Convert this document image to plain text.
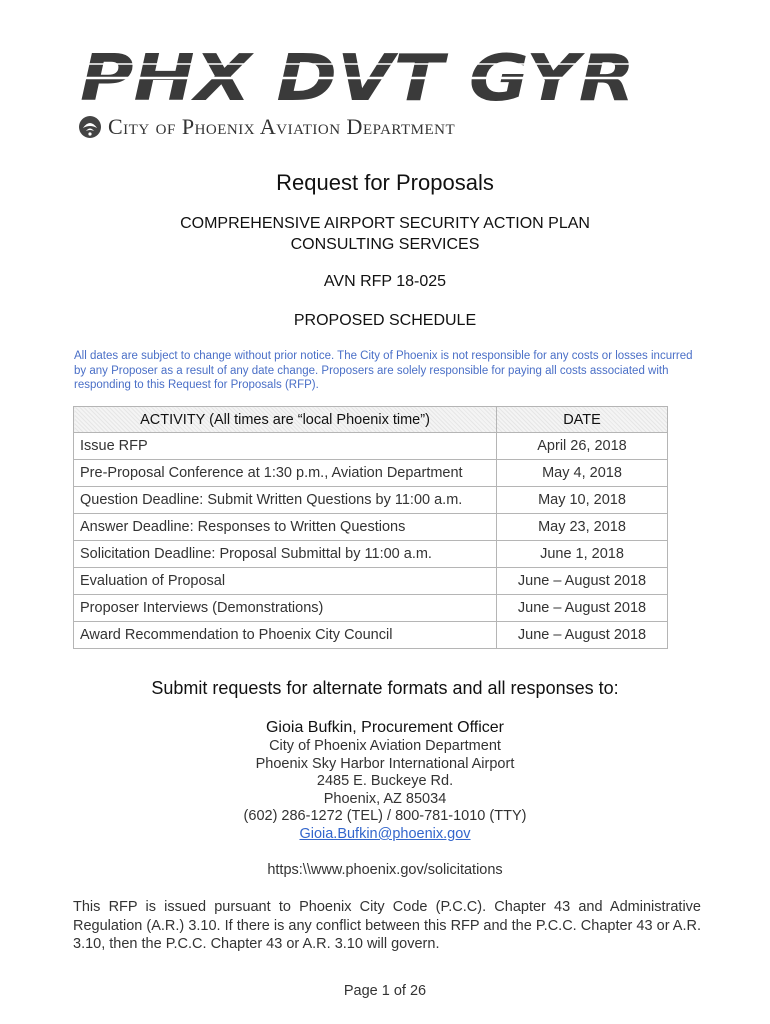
PHX DVT GYR
City of Phoenix Aviation Department
Request for Proposals
COMPREHENSIVE AIRPORT SECURITY ACTION PLAN
CONSULTING SERVICES
AVN RFP 18-025
PROPOSED SCHEDULE
All dates are subject to change without prior notice. The City of Phoenix is not responsible for any costs or losses incurred by any Proposer as a result of any date change. Proposers are solely responsible for paying all costs associated with responding to this Request for Proposals (RFP).
ACTIVITY (All times are “local Phoenix time”)	DATE
Issue RFP	April 26, 2018
Pre-Proposal Conference at 1:30 p.m., Aviation Department	May 4, 2018
Question Deadline: Submit Written Questions by 11:00 a.m.	May 10, 2018
Answer Deadline: Responses to Written Questions	May 23, 2018
Solicitation Deadline: Proposal Submittal by 11:00 a.m.	June 1, 2018
Evaluation of Proposal	June – August 2018
Proposer Interviews (Demonstrations)	June – August 2018
Award Recommendation to Phoenix City Council	June – August 2018
Submit requests for alternate formats and all responses to:
Gioia Bufkin, Procurement Officer
City of Phoenix Aviation Department
Phoenix Sky Harbor International Airport
2485 E. Buckeye Rd.
Phoenix, AZ 85034
(602) 286-1272 (TEL) / 800-781-1010 (TTY)
Gioia.Bufkin@phoenix.gov
https:\\www.phoenix.gov/solicitations
This RFP is issued pursuant to Phoenix City Code (P.C.C). Chapter 43 and Administrative Regulation (A.R.) 3.10. If there is any conflict between this RFP and the P.C.C. Chapter 43 or A.R. 3.10, then the P.C.C. Chapter 43 or A.R. 3.10 will govern.
Page 1 of 26
